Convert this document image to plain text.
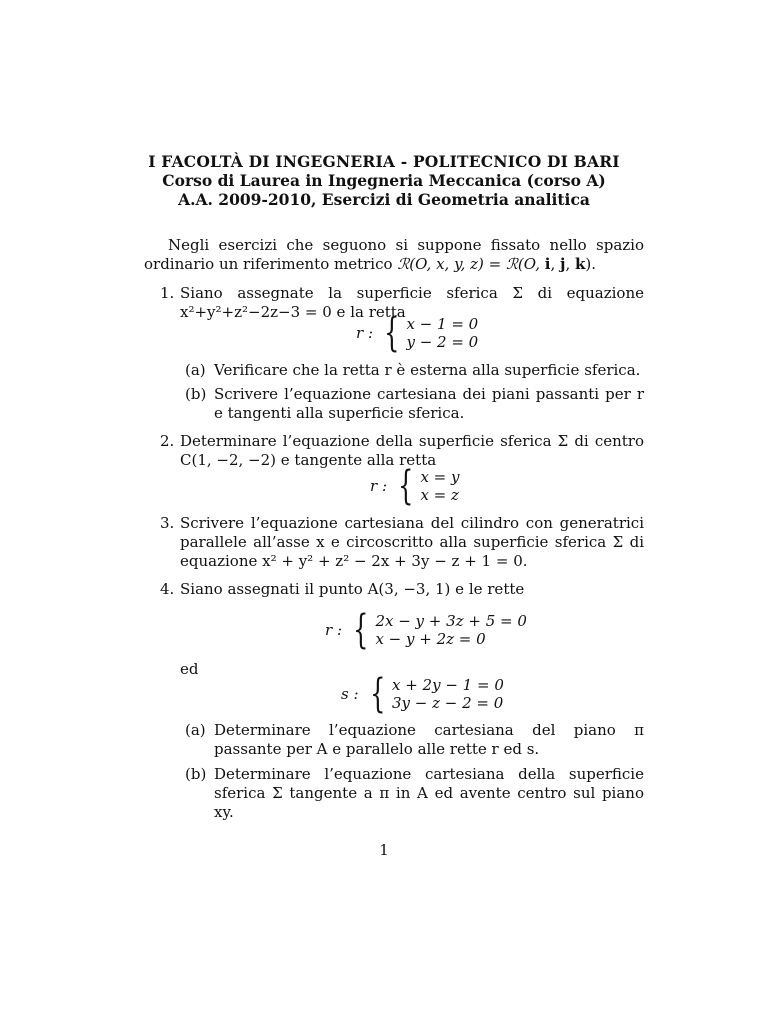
I FACOLTÀ DI INGEGNERIA - POLITECNICO DI BARI
Corso di Laurea in Ingegneria Meccanica (corso A)
A.A. 2009-2010, Esercizi di Geometria analitica

Negli esercizi che seguono si suppone fissato nello spazio ordinario un riferimento metrico ℛ(O, x, y, z) = ℛ(O, i, j, k).

1. Siano assegnate la superficie sferica Σ di equazione x²+y²+z²−2z−3 = 0 e la retta
r : { x − 1 = 0
y − 2 = 0
(a) Verificare che la retta r è esterna alla superficie sferica.
(b) Scrivere l’equazione cartesiana dei piani passanti per r e tangenti alla superficie sferica.
2. Determinare l’equazione della superficie sferica Σ di centro C(1, −2, −2) e tangente alla retta
r : { x = y
x = z
3. Scrivere l’equazione cartesiana del cilindro con generatrici parallele all’asse x e circoscritto alla superficie sferica Σ di equazione x² + y² + z² − 2x + 3y − z + 1 = 0.
4. Siano assegnati il punto A(3, −3, 1) e le rette
r : { 2x − y + 3z + 5 = 0
x − y + 2z = 0
ed
s : { x + 2y − 1 = 0
3y − z − 2 = 0
(a) Determinare l’equazione cartesiana del piano π passante per A e parallelo alle rette r ed s.
(b) Determinare l’equazione cartesiana della superficie sferica Σ tangente a π in A ed avente centro sul piano xy.
1
